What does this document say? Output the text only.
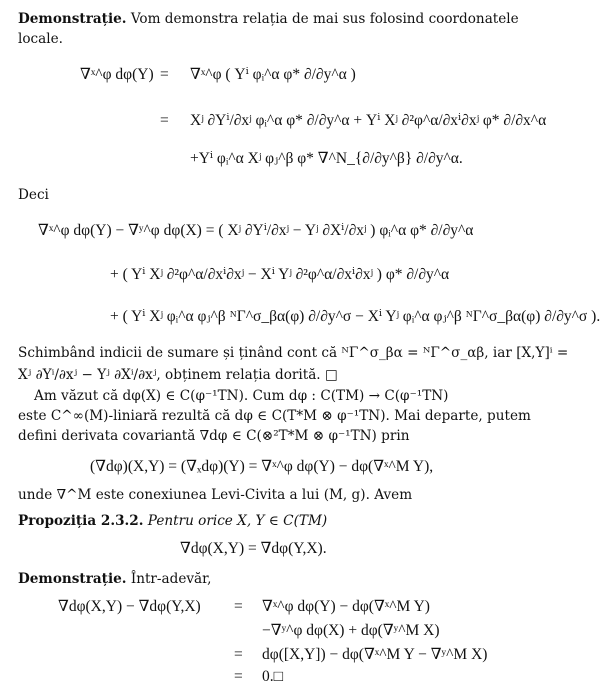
Demonstrație. Vom demonstra relația de mai sus folosind coordonatele
locale.
∇ˣ^φ dφ(Y) = ∇ˣ^φ ( Yⁱ φᵢ^α φ* ∂/∂y^α )
= Xʲ ∂Yⁱ/∂xʲ φᵢ^α φ* ∂/∂y^α + Yⁱ Xʲ ∂²φ^α/∂xⁱ∂xʲ φ* ∂/∂x^α
+Yⁱ φᵢ^α Xʲ φⱼ^β φ* ∇^N_{∂/∂y^β} ∂/∂y^α.
Deci
∇ˣ^φ dφ(Y) − ∇ʸ^φ dφ(X) = ( Xʲ ∂Yⁱ/∂xʲ − Yʲ ∂Xⁱ/∂xʲ ) φᵢ^α φ* ∂/∂y^α
+ ( Yⁱ Xʲ ∂²φ^α/∂xⁱ∂xʲ − Xⁱ Yʲ ∂²φ^α/∂xⁱ∂xʲ ) φ* ∂/∂y^α
+ ( Yⁱ Xʲ φᵢ^α φⱼ^β ᴺΓ^σ_βα(φ) ∂/∂y^σ − Xⁱ Yʲ φᵢ^α φⱼ^β ᴺΓ^σ_βα(φ) ∂/∂y^σ ).
Schimbând indicii de sumare și ținând cont că ᴺΓ^σ_βα = ᴺΓ^σ_αβ, iar [X,Y]ⁱ =
Xʲ ∂Yⁱ/∂xʲ − Yʲ ∂Xⁱ/∂xʲ, obținem relația dorită. □
Am văzut că dφ(X) ∈ C(φ⁻¹TN). Cum dφ : C(TM) → C(φ⁻¹TN)
este C^∞(M)-liniară rezultă că dφ ∈ C(T*M ⊗ φ⁻¹TN). Mai departe, putem
defini derivata covariantă ∇dφ ∈ C(⊗²T*M ⊗ φ⁻¹TN) prin
(∇dφ)(X,Y) = (∇ₓdφ)(Y) = ∇ˣ^φ dφ(Y) − dφ(∇ˣ^M Y),
unde ∇^M este conexiunea Levi-Civita a lui (M, g). Avem
Propoziția 2.3.2. Pentru orice X, Y ∈ C(TM)
∇dφ(X,Y) = ∇dφ(Y,X).
Demonstrație. Într-adevăr,
∇dφ(X,Y) − ∇dφ(Y,X) = ∇ˣ^φ dφ(Y) − dφ(∇ˣ^M Y)
−∇ʸ^φ dφ(X) + dφ(∇ʸ^M X)
= dφ([X,Y]) − dφ(∇ˣ^M Y − ∇ʸ^M X)
= 0.□
